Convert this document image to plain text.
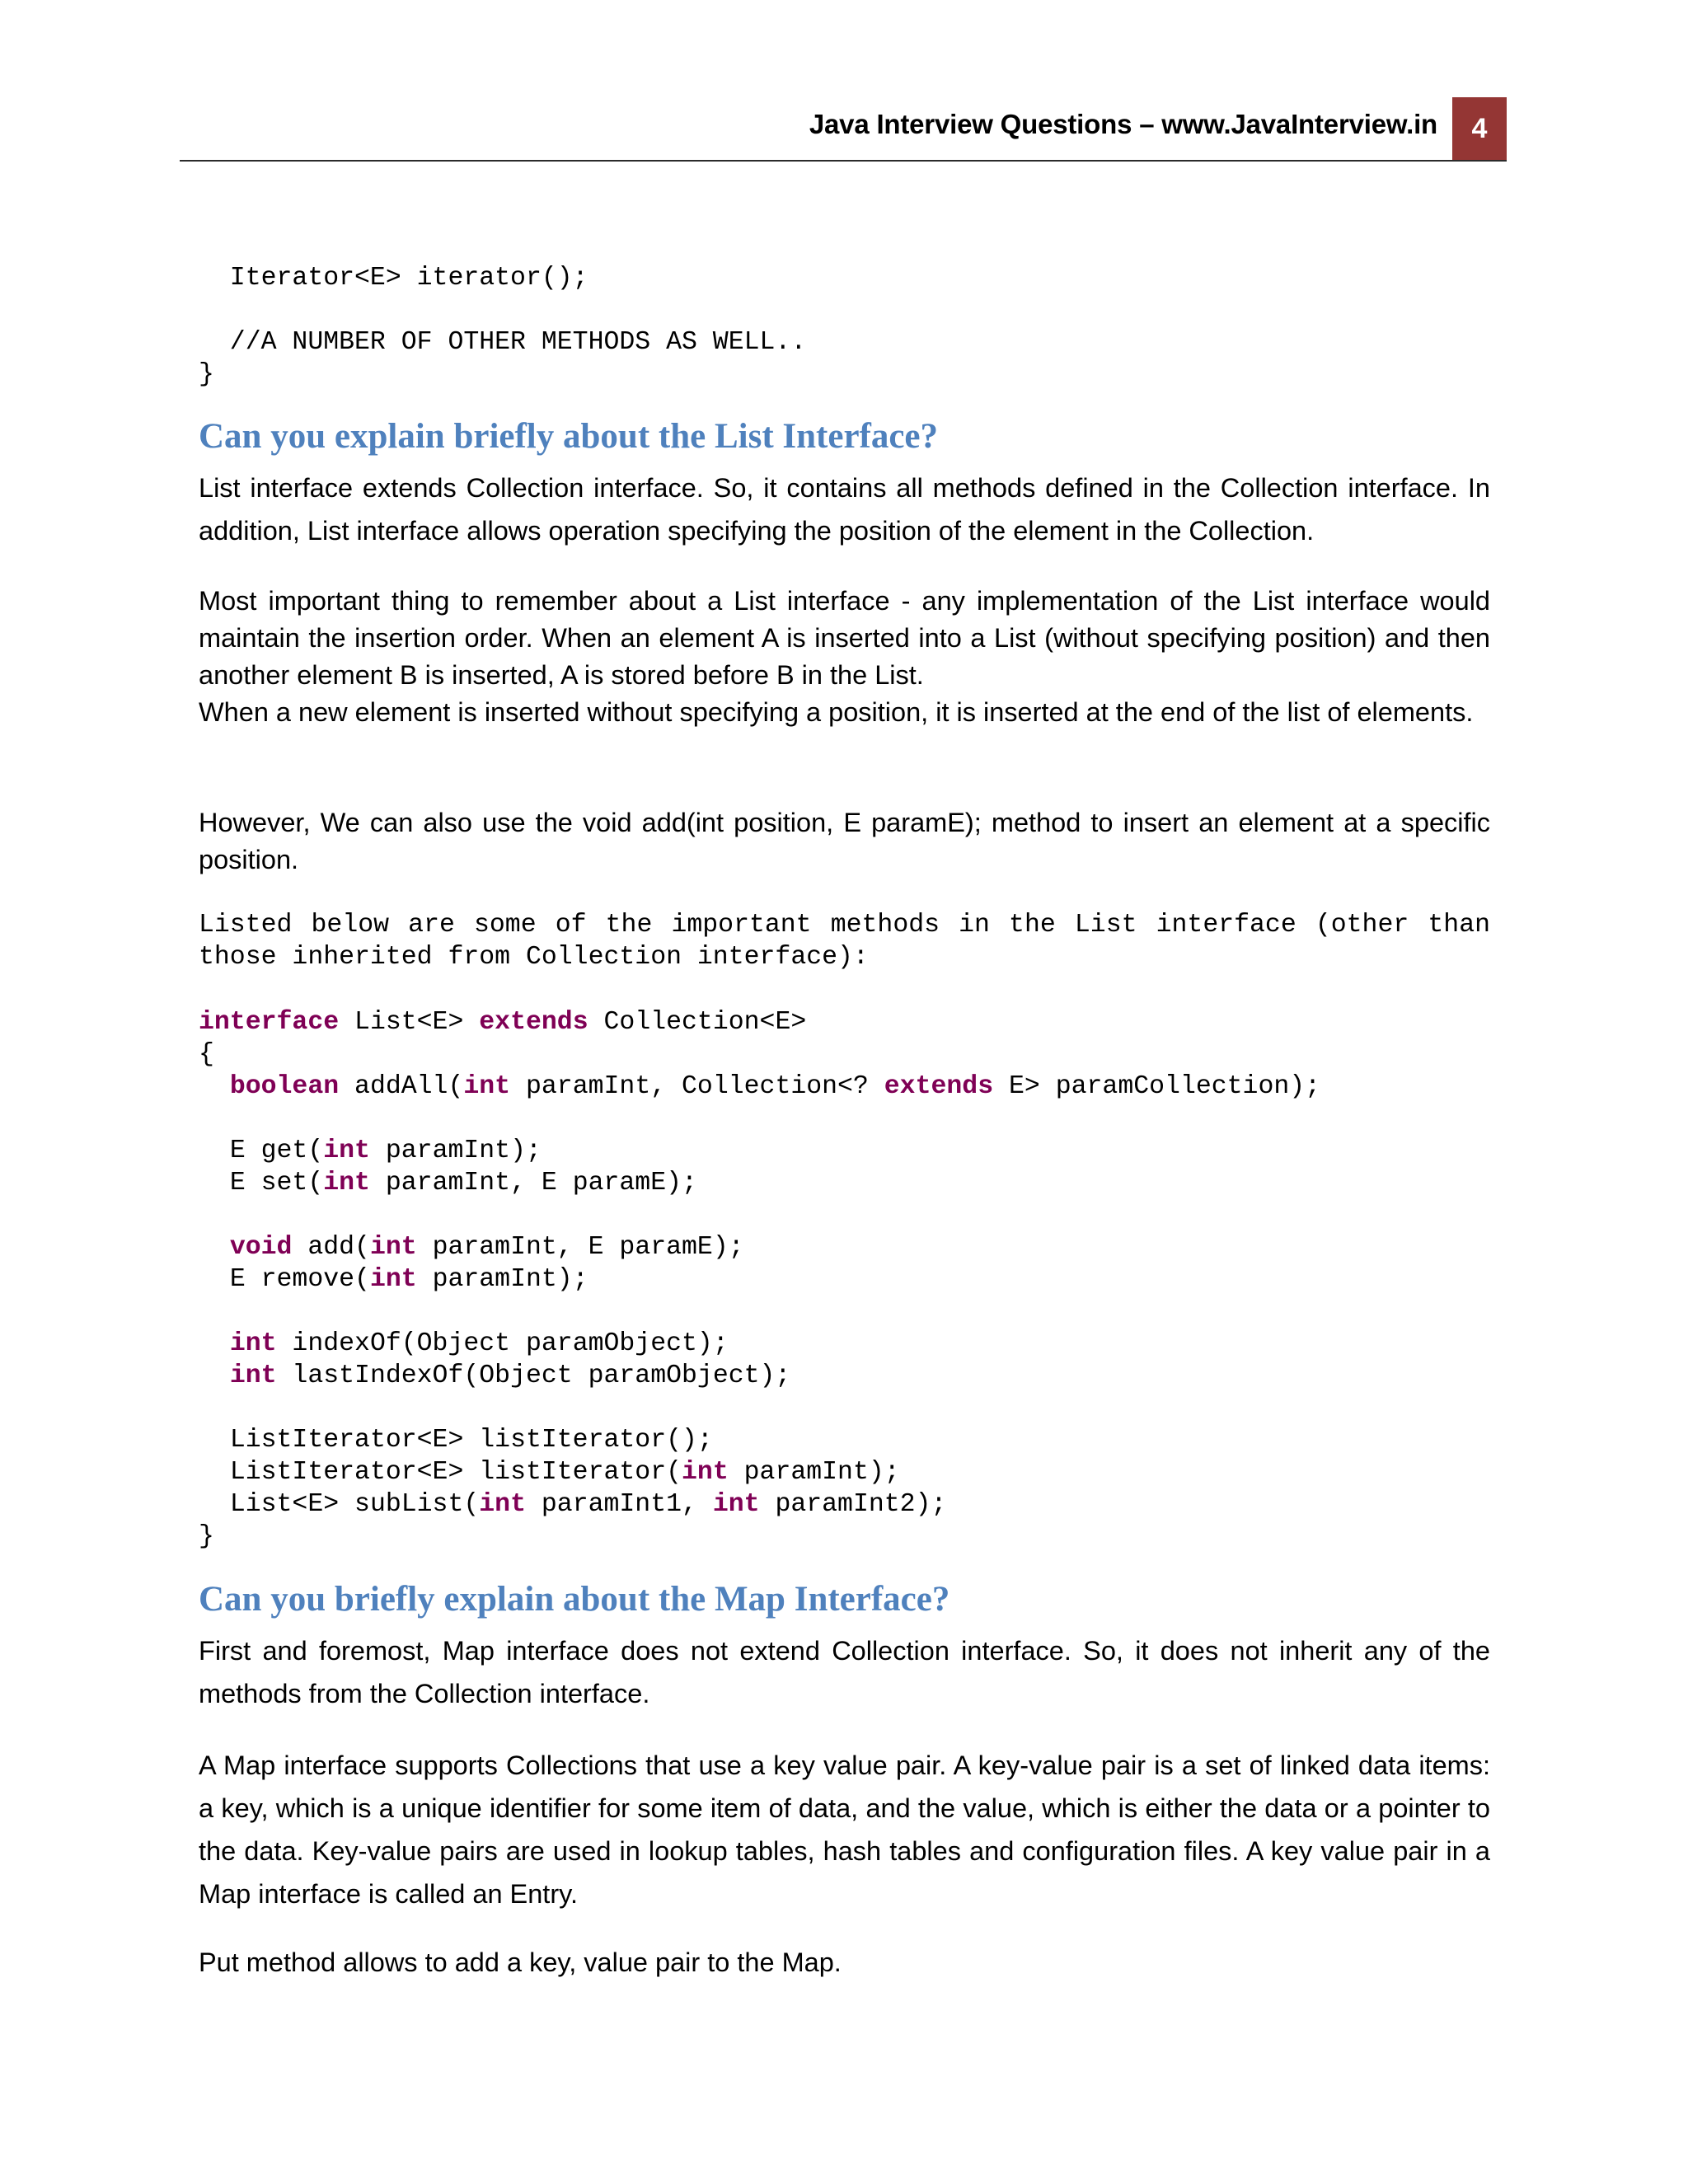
Java Interview Questions – www.JavaInterview.in	4
Iterator<E> iterator();

//A NUMBER OF OTHER METHODS AS WELL..
}
Can you explain briefly about the List Interface?

List interface extends Collection interface. So, it contains all methods defined in the Collection interface. In addition, List interface allows operation specifying the position of the element in the Collection.

Most important thing to remember about a List interface - any implementation of the List interface would maintain the insertion order. When an element A is inserted into a List (without specifying position) and then another element B is inserted, A is stored before B in the List.

When a new element is inserted without specifying a position, it is inserted at the end of the list of elements.

However, We can also use the void add(int position, E paramE); method to insert an element at a specific position.

Listed below are some of the important methods in the List interface (other than those inherited from Collection interface):

interface List<E> extends Collection<E>
{
boolean addAll(int paramInt, Collection<? extends E> paramCollection);

E get(int paramInt);
E set(int paramInt, E paramE);

void add(int paramInt, E paramE);
E remove(int paramInt);

int indexOf(Object paramObject);
int lastIndexOf(Object paramObject);

ListIterator<E> listIterator();
ListIterator<E> listIterator(int paramInt);
List<E> subList(int paramInt1, int paramInt2);
}
Can you briefly explain about the Map Interface?

First and foremost, Map interface does not extend Collection interface. So, it does not inherit any of the methods from the Collection interface.

A Map interface supports Collections that use a key value pair. A key-value pair is a set of linked data items: a key, which is a unique identifier for some item of data, and the value, which is either the data or a pointer to the data. Key-value pairs are used in lookup tables, hash tables and configuration files. A key value pair in a Map interface is called an Entry.

Put method allows to add a key, value pair to the Map.
